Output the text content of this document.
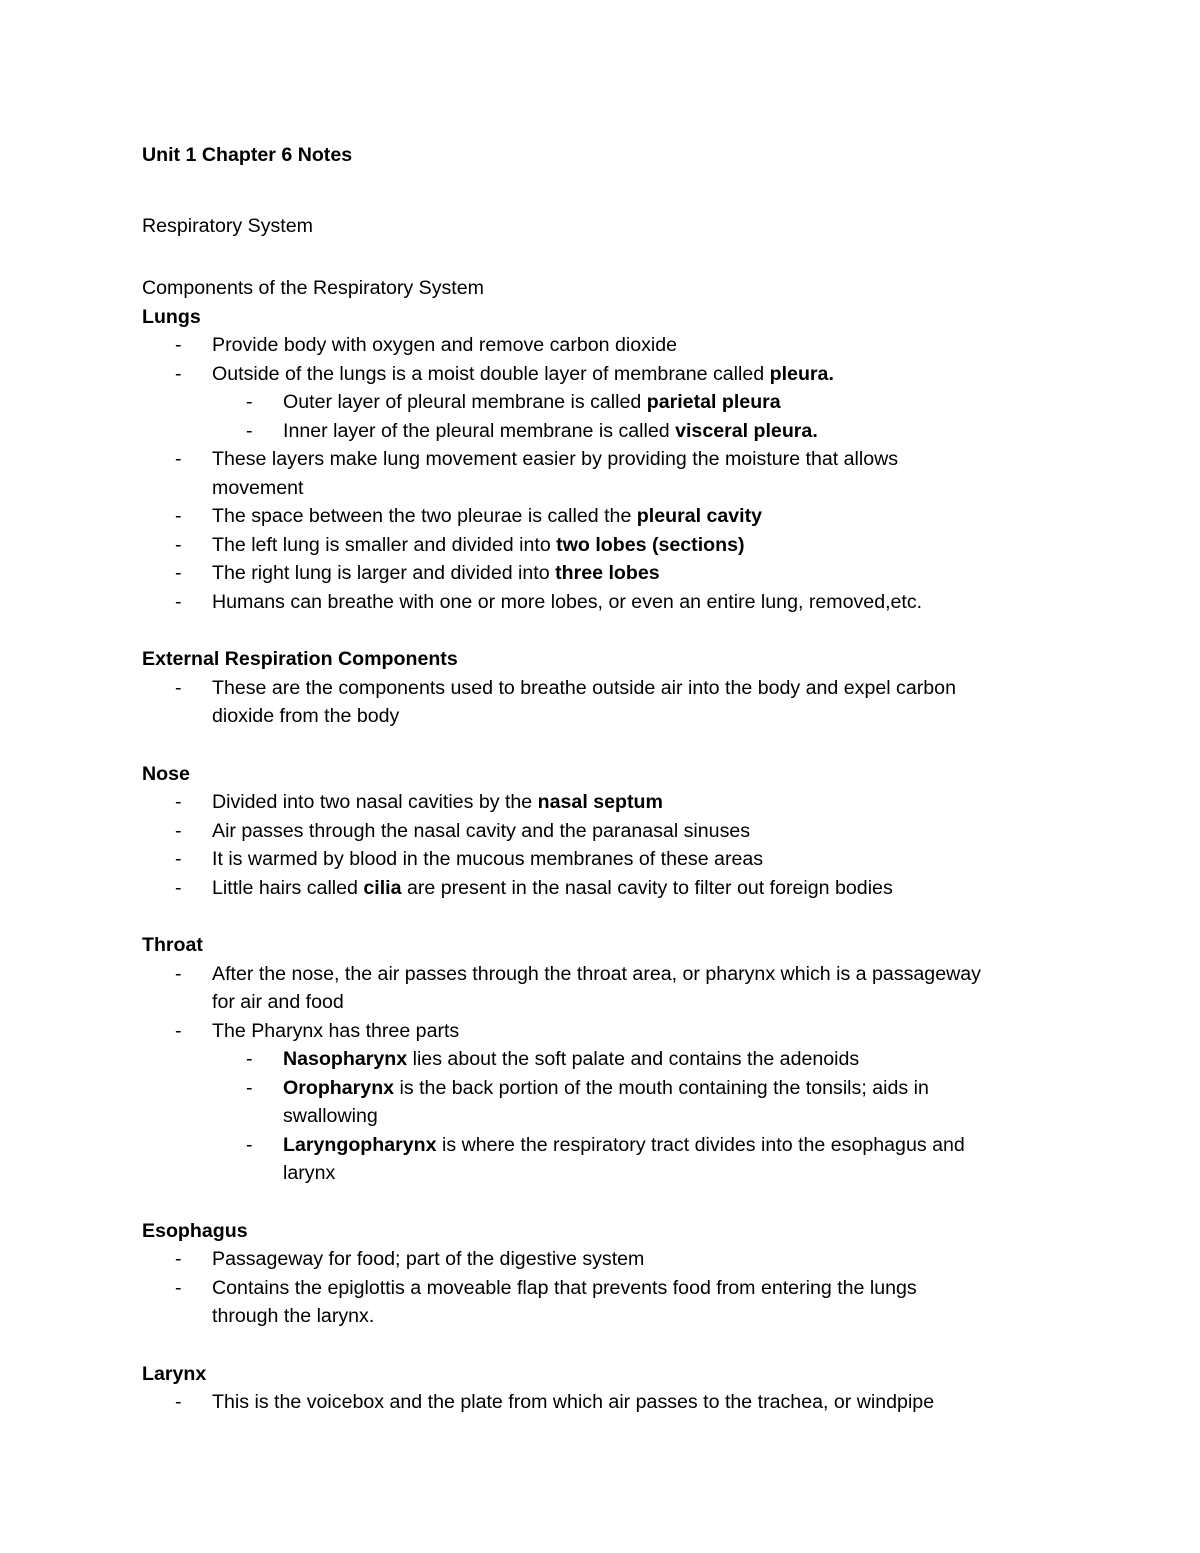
Unit 1 Chapter 6 Notes
Respiratory System
Components of the Respiratory System
Lungs
- Provide body with oxygen and remove carbon dioxide
- Outside of the lungs is a moist double layer of membrane called pleura.
- Outer layer of pleural membrane is called parietal pleura
- Inner layer of the pleural membrane is called visceral pleura.
- These layers make lung movement easier by providing the moisture that allows
movement
- The space between the two pleurae is called the pleural cavity
- The left lung is smaller and divided into two lobes (sections)
- The right lung is larger and divided into three lobes
- Humans can breathe with one or more lobes, or even an entire lung, removed,etc.
External Respiration Components
- These are the components used to breathe outside air into the body and expel carbon
dioxide from the body
Nose
- Divided into two nasal cavities by the nasal septum
- Air passes through the nasal cavity and the paranasal sinuses
- It is warmed by blood in the mucous membranes of these areas
- Little hairs called cilia are present in the nasal cavity to filter out foreign bodies
Throat
- After the nose, the air passes through the throat area, or pharynx which is a passageway
for air and food
- The Pharynx has three parts
- Nasopharynx lies about the soft palate and contains the adenoids
- Oropharynx is the back portion of the mouth containing the tonsils; aids in
swallowing
- Laryngopharynx is where the respiratory tract divides into the esophagus and
larynx
Esophagus
- Passageway for food; part of the digestive system
- Contains the epiglottis a moveable flap that prevents food from entering the lungs
through the larynx.
Larynx
- This is the voicebox and the plate from which air passes to the trachea, or windpipe
